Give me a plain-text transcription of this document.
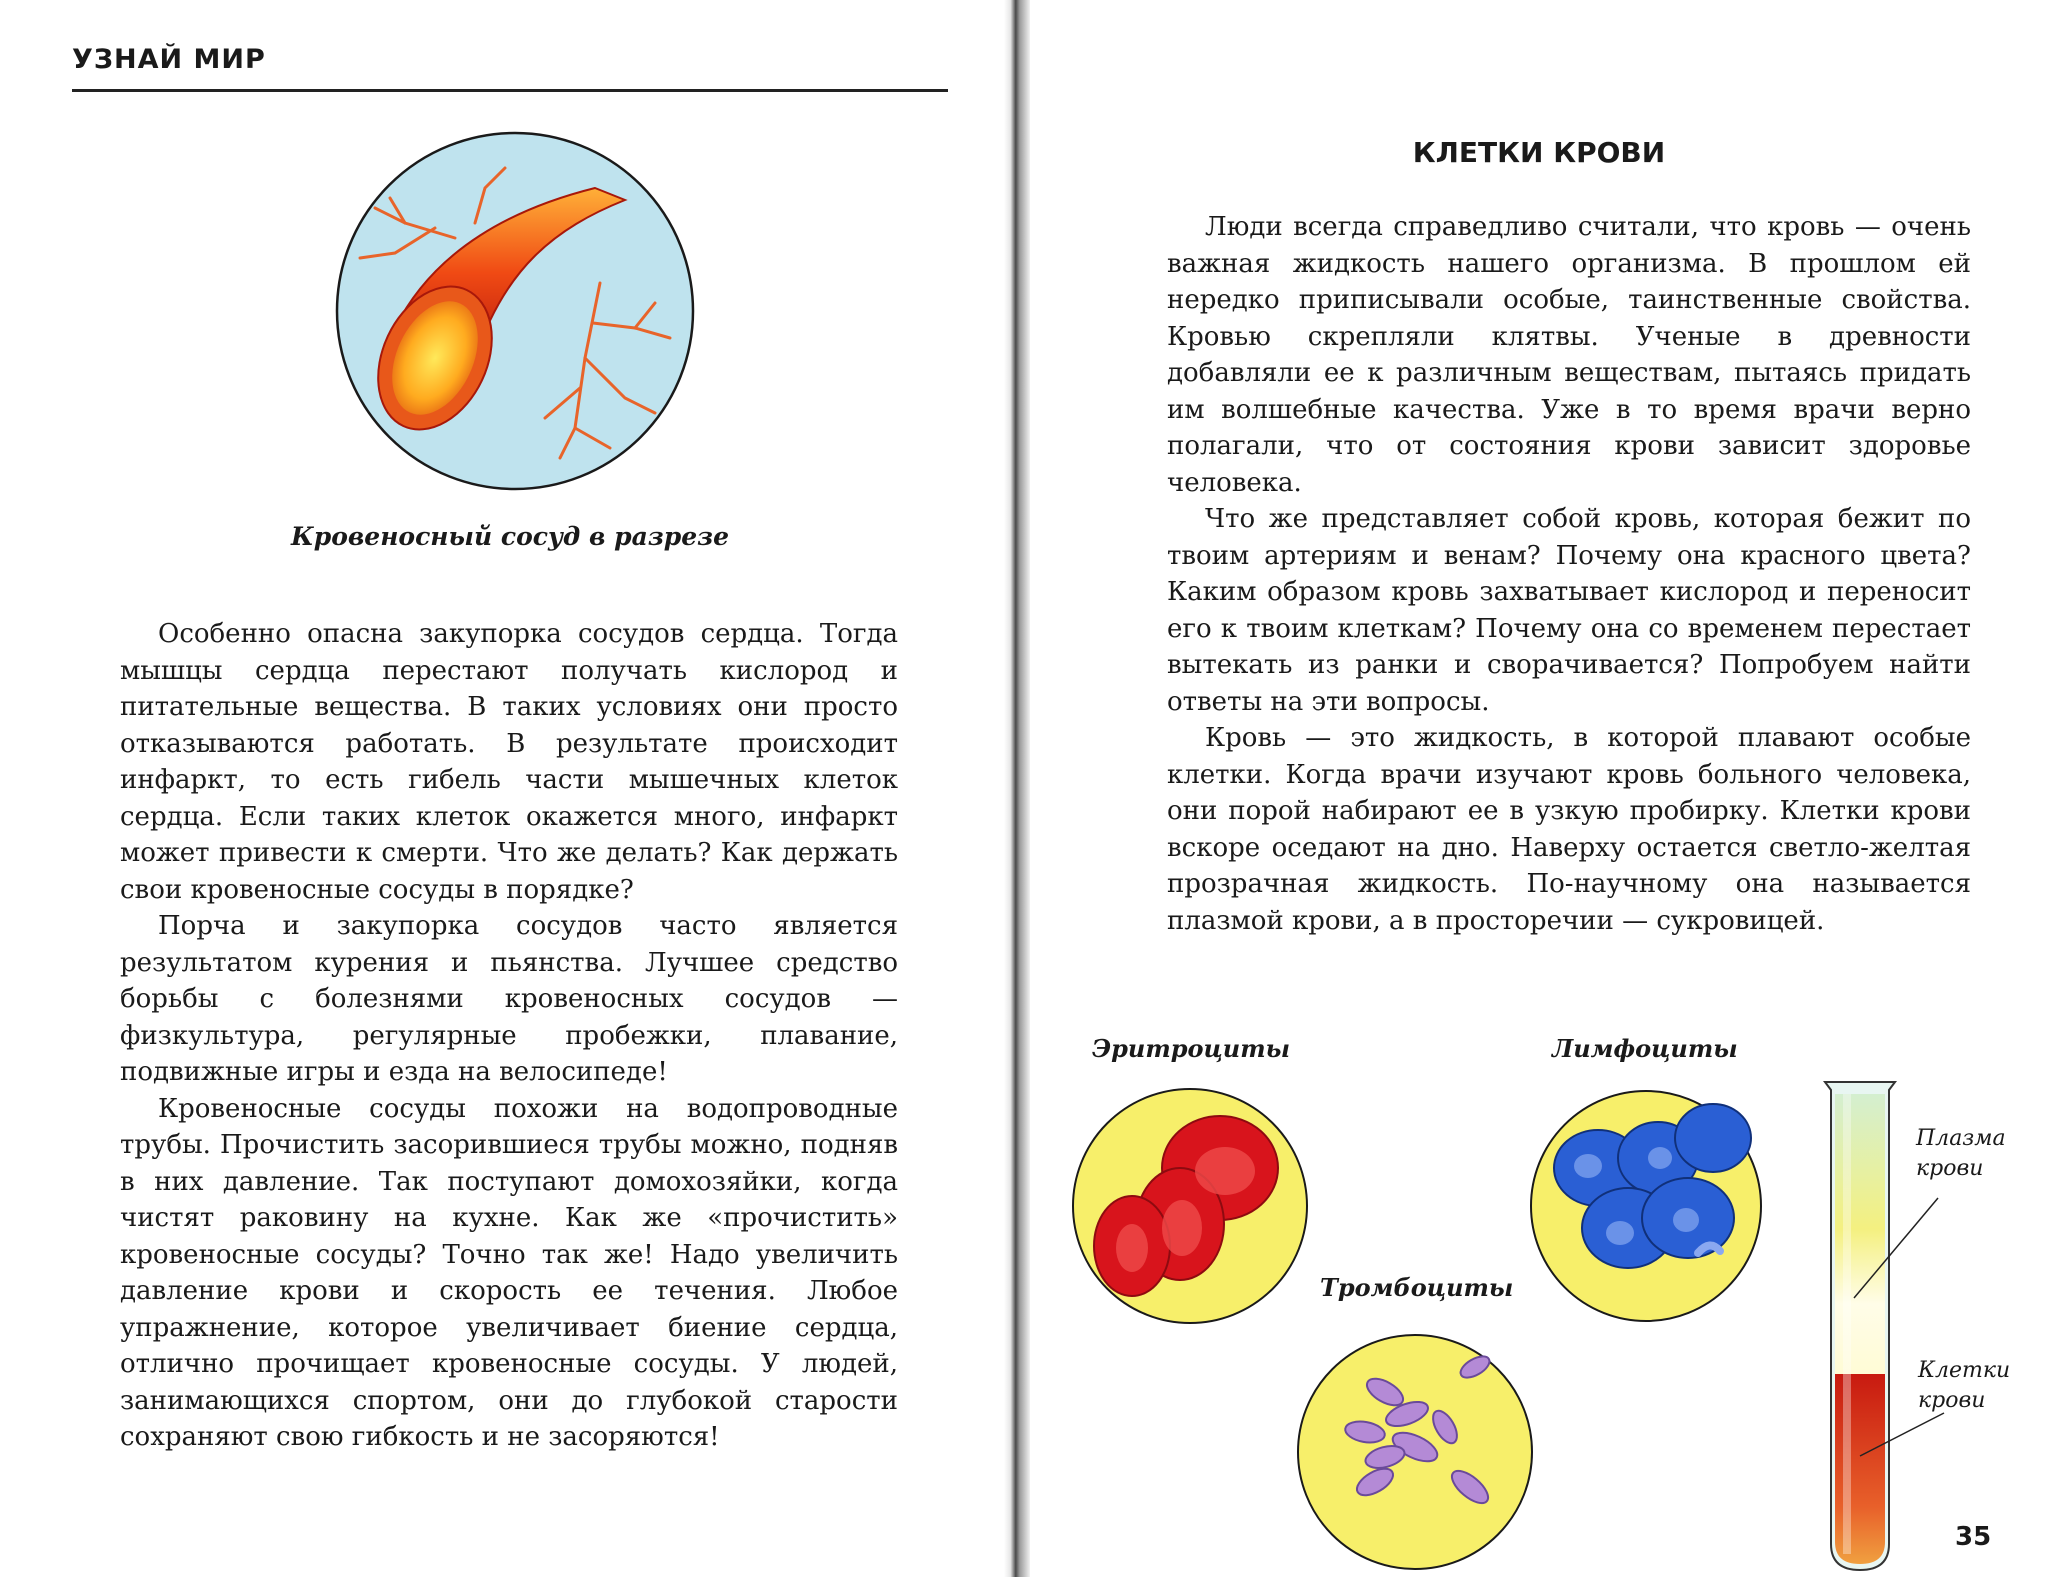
УЗНАЙ МИР
Кровеносный сосуд в разрезе

Особенно опасна закупорка сосудов сердца. Тогда мышцы сердца перестают получать кислород и питательные вещества. В таких условиях они просто отказываются работать. В результате происходит инфаркт, то есть гибель части мышечных клеток сердца. Если таких клеток окажется много, инфаркт может привести к смерти. Что же делать? Как держать свои кровеносные сосуды в порядке?

Порча и закупорка сосудов часто является результатом курения и пьянства. Лучшее средство борьбы с болезнями кровеносных сосудов — физкультура, регулярные пробежки, плавание, подвижные игры и езда на велосипеде!

Кровеносные сосуды похожи на водопроводные трубы. Прочистить засорившиеся трубы можно, подняв в них давление. Так поступают домохозяйки, когда чистят раковину на кухне. Как же «прочистить» кровеносные сосуды? Точно так же! Надо увеличить давление крови и скорость ее течения. Любое упражнение, которое увеличивает биение сердца, отлично прочищает кровеносные сосуды. У людей, занимающихся спортом, они до глубокой старости сохраняют свою гибкость и не засоряются!

КЛЕТКИ КРОВИ

Люди всегда справедливо считали, что кровь — очень важная жидкость нашего организма. В прошлом ей нередко приписывали особые, таинственные свойства. Кровью скрепляли клятвы. Ученые в древности добавляли ее к различным веществам, пытаясь придать им волшебные качества. Уже в то время врачи верно полагали, что от состояния крови зависит здоровье человека.

Что же представляет собой кровь, которая бежит по твоим артериям и венам? Почему она красного цвета? Каким образом кровь захватывает кислород и переносит его к твоим клеткам? Почему она со временем перестает вытекать из ранки и сворачивается? Попробуем найти ответы на эти вопросы.

Кровь — это жидкость, в которой плавают особые клетки. Когда врачи изучают кровь больного человека, они порой набирают ее в узкую пробирку. Клетки крови вскоре оседают на дно. Наверху остается светло-желтая прозрачная жидкость. По-научному она называется плазмой крови, а в просторечии — сукровицей.

Эритроциты	Лимфоциты
Тромбоциты
Плазма
крови
Клетки
крови
35
